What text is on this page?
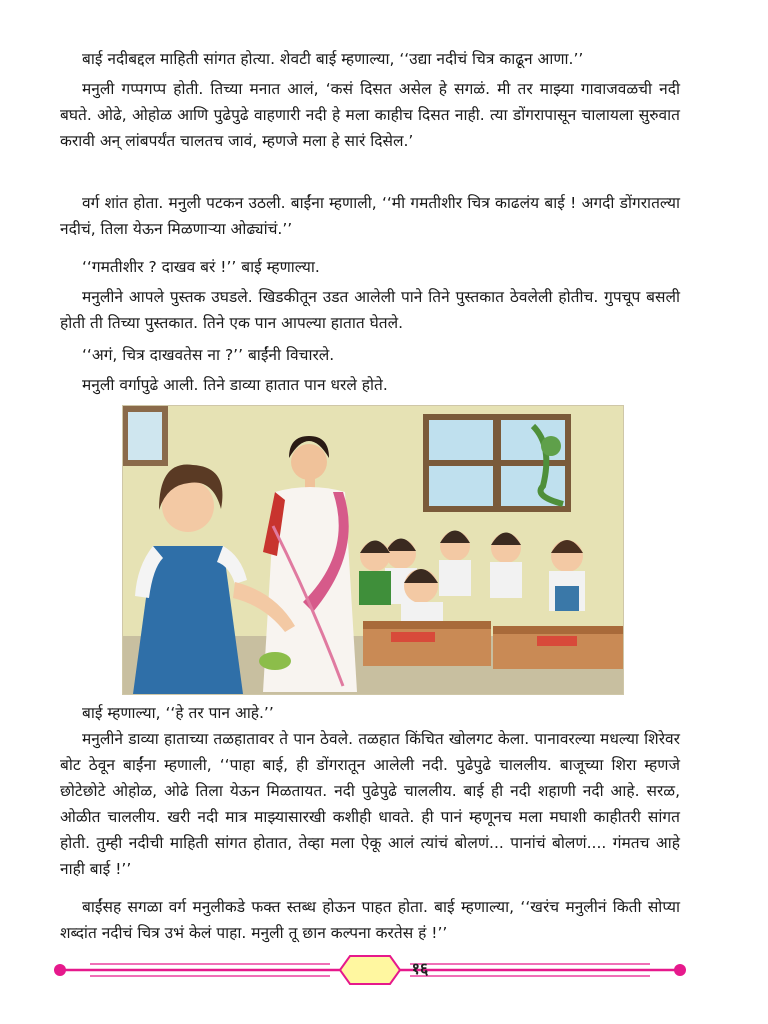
बाई नदीबद्दल माहिती सांगत होत्या. शेवटी बाई म्हणाल्या, ‘‘उद्या नदीचं चित्र काढून आणा.’’

मनुली गप्पगप्प होती. तिच्या मनात आलं, ‘कसं दिसत असेल हे सगळं. मी तर माझ्या गावाजवळची नदी बघते. ओढे, ओहोळ आणि पुढेपुढे वाहणारी नदी हे मला काहीच दिसत नाही. त्या डोंगरापासून चालायला सुरुवात करावी अन् लांबपर्यंत चालतच जावं, म्हणजे मला हे सारं दिसेल.’

वर्ग शांत होता. मनुली पटकन उठली. बाईंना म्हणाली, ‘‘मी गमतीशीर चित्र काढलंय बाई ! अगदी डोंगरातल्या नदीचं, तिला येऊन मिळणाऱ्या ओढ्यांचं.’’

‘‘गमतीशीर ? दाखव बरं !’’ बाई म्हणाल्या.

मनुलीने आपले पुस्तक उघडले. खिडकीतून उडत आलेली पाने तिने पुस्तकात ठेवलेली होतीच. गुपचूप बसली होती ती तिच्या पुस्तकात. तिने एक पान आपल्या हातात घेतले.

‘‘अगं, चित्र दाखवतेस ना ?’’ बाईंनी विचारले.

मनुली वर्गापुढे आली. तिने डाव्या हातात पान धरले होते.

बाई म्हणाल्या, ‘‘हे तर पान आहे.’’

मनुलीने डाव्या हाताच्या तळहातावर ते पान ठेवले. तळहात किंचित खोलगट केला. पानावरल्या मधल्या शिरेवर बोट ठेवून बाईंना म्हणाली, ‘‘पाहा बाई, ही डोंगरातून आलेली नदी. पुढेपुढे चाललीय. बाजूच्या शिरा म्हणजे छोटेछोटे ओहोळ, ओढे तिला येऊन मिळतायत. नदी पुढेपुढे चाललीय. बाई ही नदी शहाणी नदी आहे. सरळ, ओळीत चाललीय. खरी नदी मात्र माझ्यासारखी कशीही धावते. ही पानं म्हणूनच मला मघाशी काहीतरी सांगत होती. तुम्ही नदीची माहिती सांगत होतात, तेव्हा मला ऐकू आलं त्यांचं बोलणं... पानांचं बोलणं.... गंमतच आहे नाही बाई !’’

बाईंसह सगळा वर्ग मनुलीकडे फक्त स्तब्ध होऊन पाहत होता. बाई म्हणाल्या, ‘‘खरंच मनुलीनं किती सोप्या शब्दांत नदीचं चित्र उभं केलं पाहा. मनुली तू छान कल्पना करतेस हं !’’

१६
